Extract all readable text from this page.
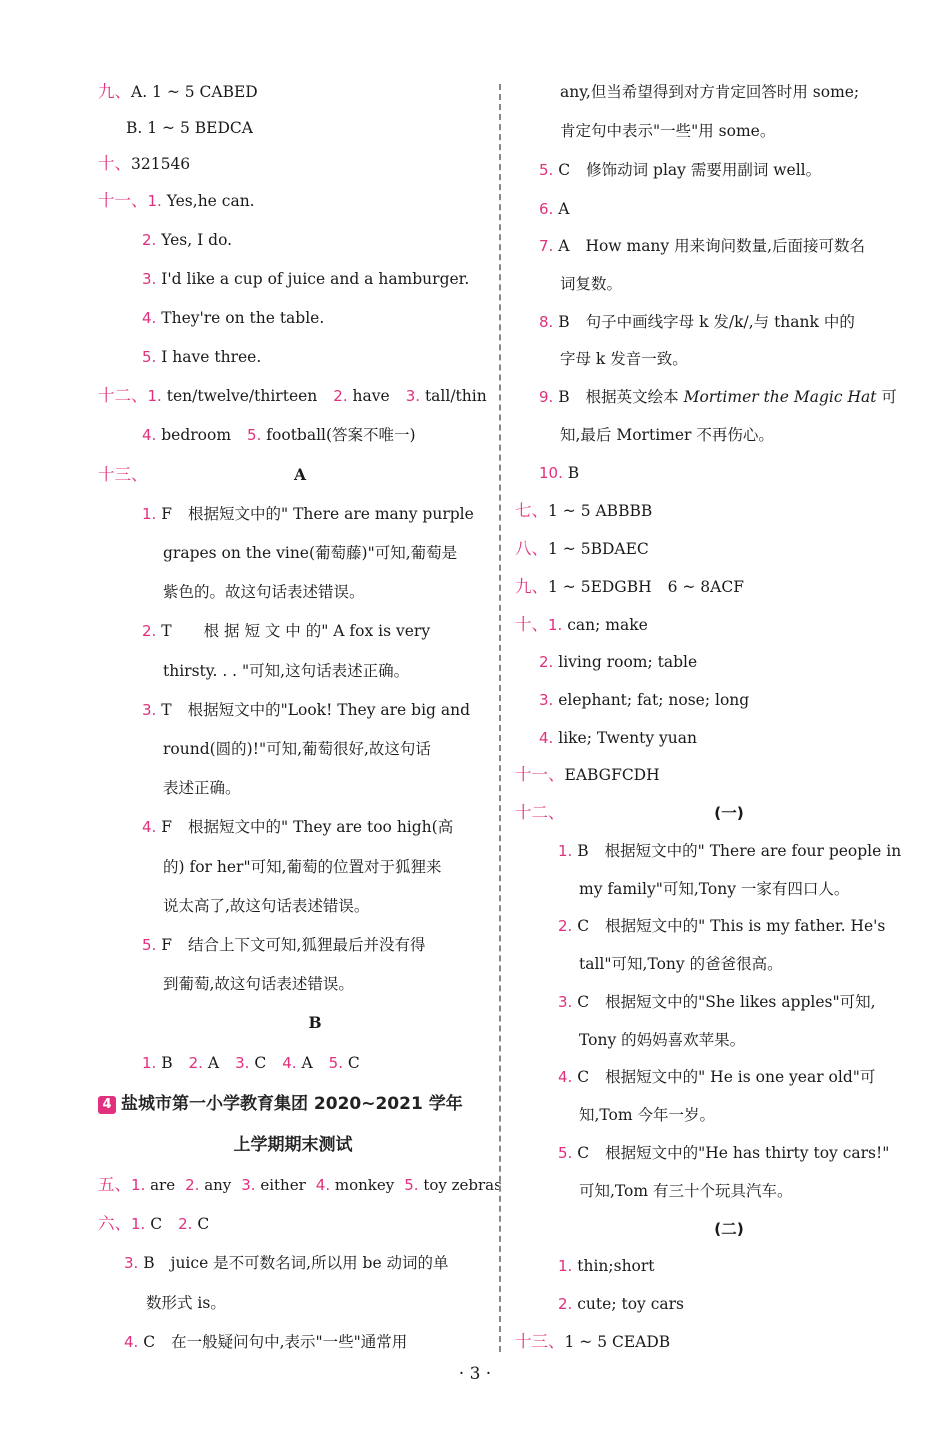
九、A. 1 ~ 5 CABED
B. 1 ~ 5 BEDCA
十、321546
十一、1. Yes,he can.
2. Yes, I do.
3. I'd like a cup of juice and a hamburger.
4. They're on the table.
5. I have three.
十二、1. ten/twelve/thirteen 2. have 3. tall/thin
4. bedroom 5. football(答案不唯一)
十三、	A
1. F 根据短文中的" There are many purple
grapes on the vine(葡萄藤)"可知,葡萄是
紫色的。故这句话表述错误。
2. T 根 据 短 文 中 的" A fox is very
thirsty. . . "可知,这句话表述正确。
3. T 根据短文中的"Look! They are big and
round(圆的)!"可知,葡萄很好,故这句话
表述正确。
4. F 根据短文中的" They are too high(高
的) for her"可知,葡萄的位置对于狐狸来
说太高了,故这句话表述错误。
5. F 结合上下文可知,狐狸最后并没有得
到葡萄,故这句话表述错误。
B
1. B 2. A 3. C 4. A 5. C
4 盐城市第一小学教育集团 2020~2021 学年
上学期期末测试
五、1. are 2. any 3. either 4. monkey 5. toy zebras
六、1. C 2. C
3. B juice 是不可数名词,所以用 be 动词的单
数形式 is。
4. C 在一般疑问句中,表示"一些"通常用
any,但当希望得到对方肯定回答时用 some;
肯定句中表示"一些"用 some。
5. C 修饰动词 play 需要用副词 well。
6. A
7. A How many 用来询问数量,后面接可数名
词复数。
8. B 句子中画线字母 k 发/k/,与 thank 中的
字母 k 发音一致。
9. B 根据英文绘本 Mortimer the Magic Hat 可
知,最后 Mortimer 不再伤心。
10. B
七、1 ~ 5 ABBBB
八、1 ~ 5BDAEC
九、1 ~ 5EDGBH 6 ~ 8ACF
十、1. can; make
2. living room; table
3. elephant; fat; nose; long
4. like; Twenty yuan
十一、EABGFCDH
十二、	(一)
1. B 根据短文中的" There are four people in
my family"可知,Tony 一家有四口人。
2. C 根据短文中的" This is my father. He's
tall"可知,Tony 的爸爸很高。
3. C 根据短文中的"She likes apples"可知,
Tony 的妈妈喜欢苹果。
4. C 根据短文中的" He is one year old"可
知,Tom 今年一岁。
5. C 根据短文中的"He has thirty toy cars!"
可知,Tom 有三十个玩具汽车。
(二)
1. thin;short
2. cute; toy cars
十三、1 ~ 5 CEADB
· 3 ·
